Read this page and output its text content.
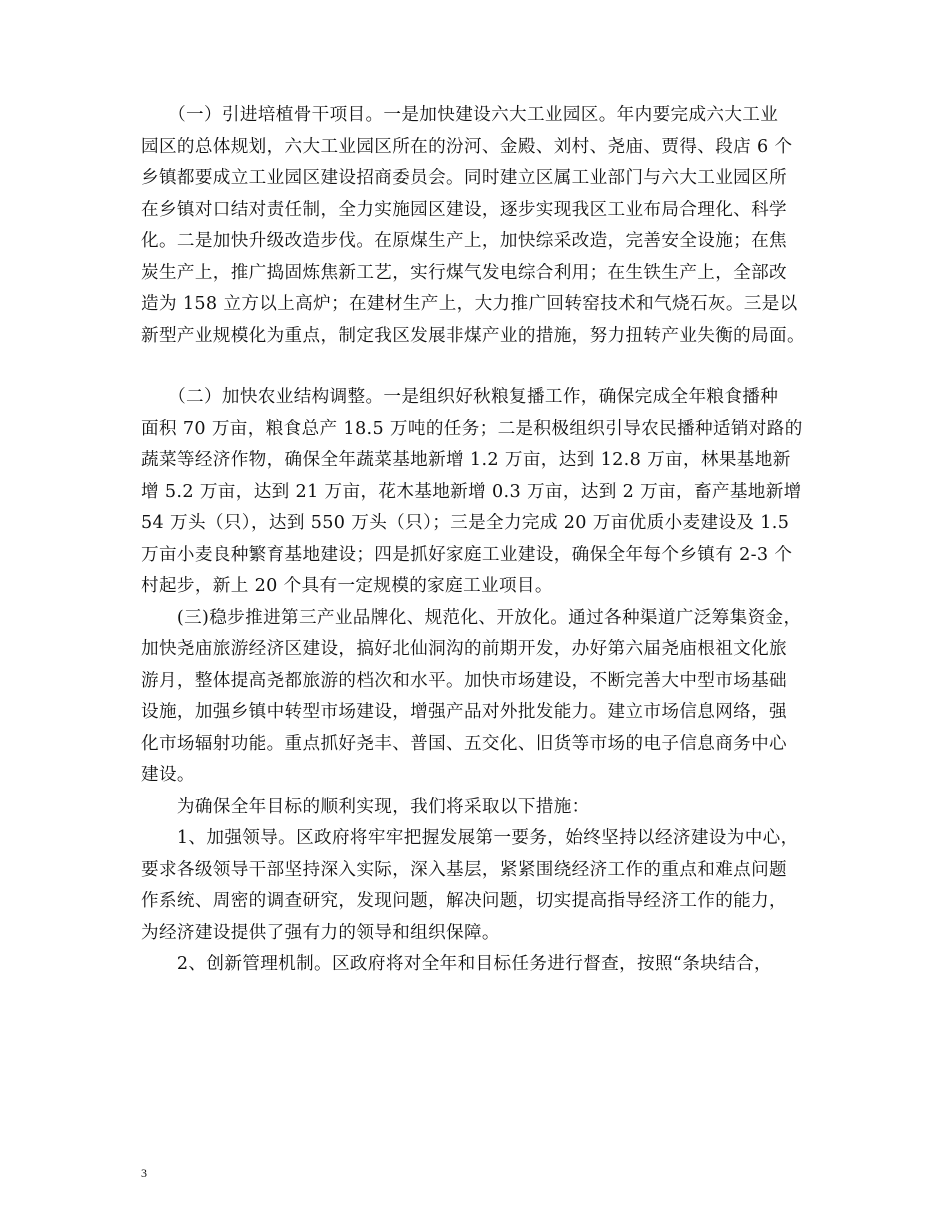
　　（一）引进培植骨干项目。一是加快建设六大工业园区。年内要完成六大工业
园区的总体规划，六大工业园区所在的汾河、金殿、刘村、尧庙、贾得、段店 6 个
乡镇都要成立工业园区建设招商委员会。同时建立区属工业部门与六大工业园区所
在乡镇对口结对责任制，全力实施园区建设，逐步实现我区工业布局合理化、科学
化。二是加快升级改造步伐。在原煤生产上，加快综采改造，完善安全设施；在焦
炭生产上，推广捣固炼焦新工艺，实行煤气发电综合利用；在生铁生产上，全部改
造为 158 立方以上高炉；在建材生产上，大力推广回转窑技术和气烧石灰。三是以
新型产业规模化为重点，制定我区发展非煤产业的措施，努力扭转产业失衡的局面。

　　（二）加快农业结构调整。一是组织好秋粮复播工作，确保完成全年粮食播种
面积 70 万亩，粮食总产 18.5 万吨的任务；二是积极组织引导农民播种适销对路的
蔬菜等经济作物，确保全年蔬菜基地新增 1.2 万亩，达到 12.8 万亩，林果基地新
增 5.2 万亩，达到 21 万亩，花木基地新增 0.3 万亩，达到 2 万亩，畜产基地新增
54 万头（只），达到 550 万头（只）；三是全力完成 20 万亩优质小麦建设及 1.5
万亩小麦良种繁育基地建设；四是抓好家庭工业建设，确保全年每个乡镇有 2-3 个
村起步，新上 20 个具有一定规模的家庭工业项目。

　　(三)稳步推进第三产业品牌化、规范化、开放化。通过各种渠道广泛筹集资金，
加快尧庙旅游经济区建设，搞好北仙洞沟的前期开发，办好第六届尧庙根祖文化旅
游月，整体提高尧都旅游的档次和水平。加快市场建设，不断完善大中型市场基础
设施，加强乡镇中转型市场建设，增强产品对外批发能力。建立市场信息网络，强
化市场辐射功能。重点抓好尧丰、普国、五交化、旧货等市场的电子信息商务中心
建设。

　　为确保全年目标的顺利实现，我们将采取以下措施：

　　1、加强领导。区政府将牢牢把握发展第一要务，始终坚持以经济建设为中心，
要求各级领导干部坚持深入实际，深入基层，紧紧围绕经济工作的重点和难点问题
作系统、周密的调查研究，发现问题，解决问题，切实提高指导经济工作的能力，
为经济建设提供了强有力的领导和组织保障。

　　2、创新管理机制。区政府将对全年和目标任务进行督查，按照“条块结合，

3
